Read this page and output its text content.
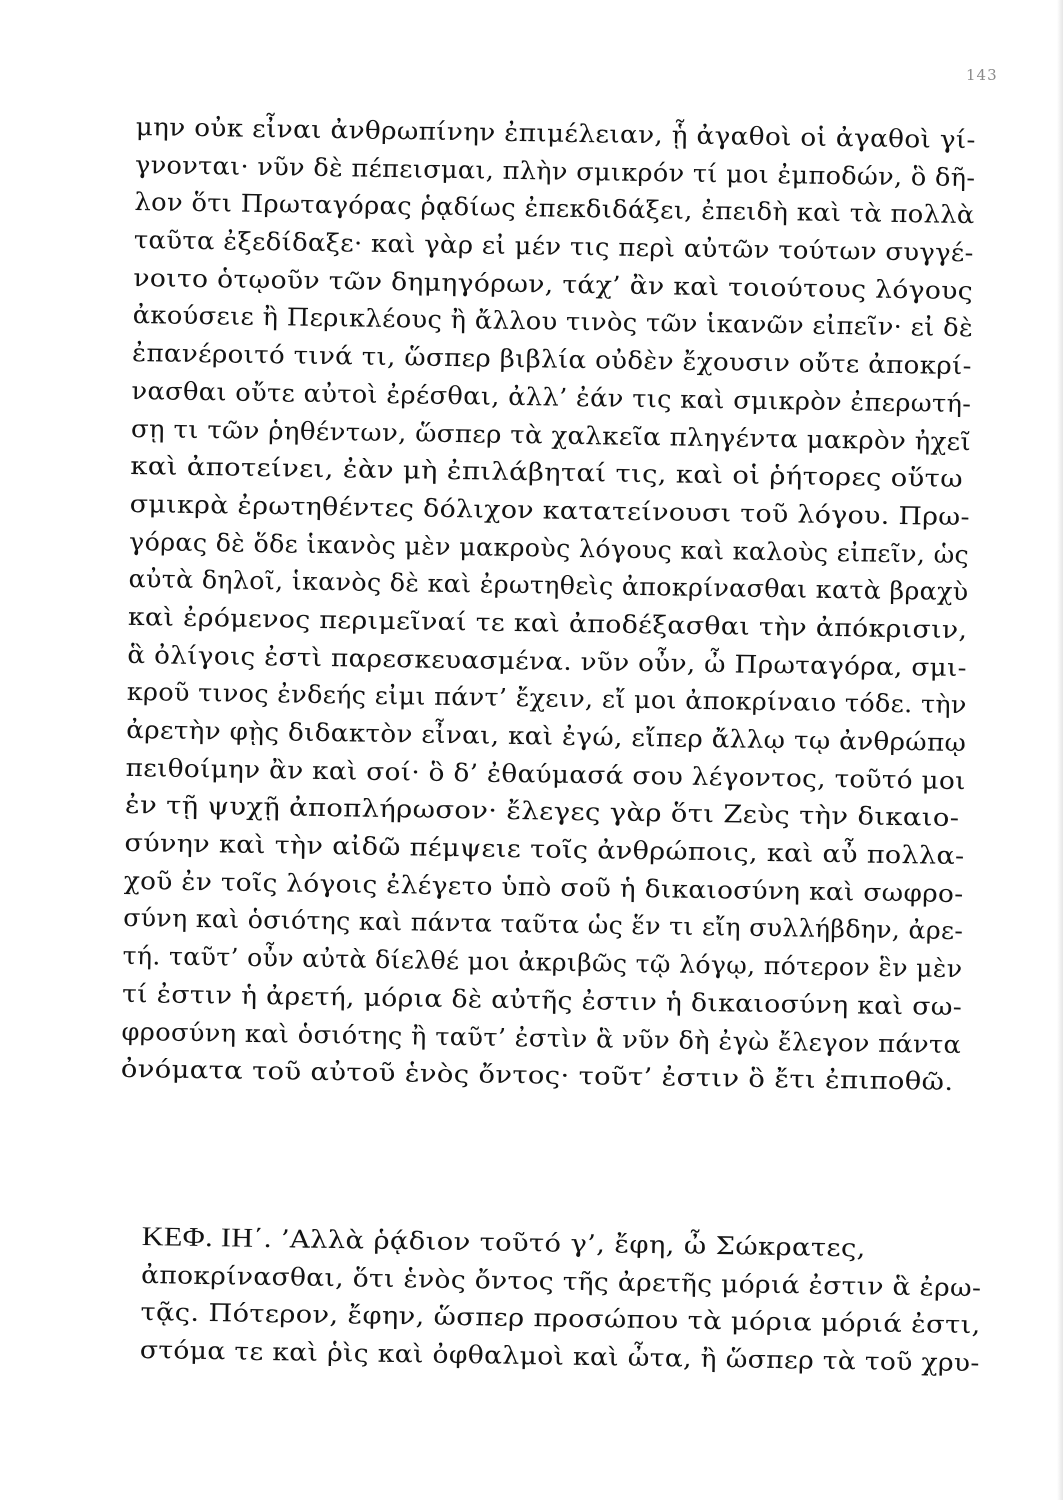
143
μην οὐκ εἶναι ἀνθρωπίνην ἐπιμέλειαν, ᾗ ἀγαθοὶ οἱ ἀγαθοὶ γί-
γνονται· νῦν δὲ πέπεισμαι, πλὴν σμικρόν τί μοι ἐμποδών, ὃ δῆ-
λον ὅτι Πρωταγόρας ῥᾳδίως ἐπεκδιδάξει, ἐπειδὴ καὶ τὰ πολλὰ
ταῦτα ἐξεδίδαξε· καὶ γὰρ εἰ μέν τις περὶ αὐτῶν τούτων συγγέ-
νοιτο ὁτῳοῦν τῶν δημηγόρων, τάχ’ ἂν καὶ τοιούτους λόγους
ἀκούσειε ἢ Περικλέους ἢ ἄλλου τινὸς τῶν ἱκανῶν εἰπεῖν· εἰ δὲ
ἐπανέροιτό τινά τι, ὥσπερ βιβλία οὐδὲν ἔχουσιν οὔτε ἀποκρί-
νασθαι οὔτε αὐτοὶ ἐρέσθαι, ἀλλ’ ἐάν τις καὶ σμικρὸν ἐπερωτή-
σῃ τι τῶν ῥηθέντων, ὥσπερ τὰ χαλκεῖα πληγέντα μακρὸν ἠχεῖ
καὶ ἀποτείνει, ἐὰν μὴ ἐπιλάβηταί τις, καὶ οἱ ῥήτορες οὕτω
σμικρὰ ἐρωτηθέντες δόλιχον κατατείνουσι τοῦ λόγου. Πρω-
γόρας δὲ ὅδε ἱκανὸς μὲν μακροὺς λόγους καὶ καλοὺς εἰπεῖν, ὡς
αὐτὰ δηλοῖ, ἱκανὸς δὲ καὶ ἐρωτηθεὶς ἀποκρίνασθαι κατὰ βραχὺ
καὶ ἐρόμενος περιμεῖναί τε καὶ ἀποδέξασθαι τὴν ἀπόκρισιν,
ἃ ὀλίγοις ἐστὶ παρεσκευασμένα. νῦν οὖν, ὦ Πρωταγόρα, σμι-
κροῦ τινος ἐνδεής εἰμι πάντ’ ἔχειν, εἴ μοι ἀποκρίναιο τόδε. τὴν
ἀρετὴν φῂς διδακτὸν εἶναι, καὶ ἐγώ, εἴπερ ἄλλῳ τῳ ἀνθρώπῳ
πειθοίμην ἂν καὶ σοί· ὃ δ’ ἐθαύμασά σου λέγοντος, τοῦτό μοι
ἐν τῇ ψυχῇ ἀποπλήρωσον· ἔλεγες γὰρ ὅτι Ζεὺς τὴν δικαιο-
σύνην καὶ τὴν αἰδῶ πέμψειε τοῖς ἀνθρώποις, καὶ αὖ πολλα-
χοῦ ἐν τοῖς λόγοις ἐλέγετο ὑπὸ σοῦ ἡ δικαιοσύνη καὶ σωφρο-
σύνη καὶ ὁσιότης καὶ πάντα ταῦτα ὡς ἕν τι εἴη συλλήβδην, ἀρε-
τή. ταῦτ’ οὖν αὐτὰ δίελθέ μοι ἀκριβῶς τῷ λόγῳ, πότερον ἓν μὲν
τί ἐστιν ἡ ἀρετή, μόρια δὲ αὐτῆς ἐστιν ἡ δικαιοσύνη καὶ σω-
φροσύνη καὶ ὁσιότης ἢ ταῦτ’ ἐστὶν ἃ νῦν δὴ ἐγὼ ἔλεγον πάντα
ὀνόματα τοῦ αὐτοῦ ἑνὸς ὄντος· τοῦτ’ ἐστιν ὃ ἔτι ἐπιποθῶ.
ΚΕΦ. ΙΗ΄. ’Αλλὰ ῥᾴδιον τοῦτό γ’, ἔφη, ὦ Σώκρατες,
ἀποκρίνασθαι, ὅτι ἑνὸς ὄντος τῆς ἀρετῆς μόριά ἐστιν ἃ ἐρω-
τᾷς. Πότερον, ἔφην, ὥσπερ προσώπου τὰ μόρια μόριά ἐστι,
στόμα τε καὶ ῥὶς καὶ ὀφθαλμοὶ καὶ ὦτα, ἢ ὥσπερ τὰ τοῦ χρυ-
